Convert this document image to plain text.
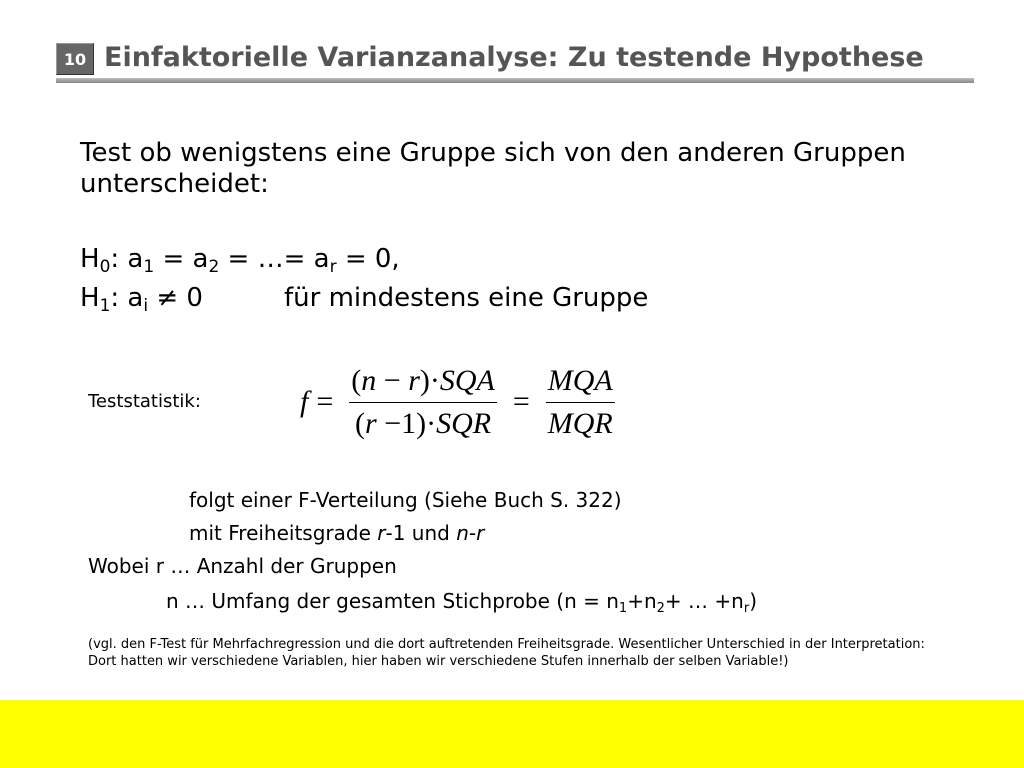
10 Einfaktorielle Varianzanalyse: Zu testende Hypothese
Test ob wenigstens eine Gruppe sich von den anderen Gruppen unterscheidet:
$H_0$: $a_1 = a_2$ = …= $a_r = 0$,
$H_1$: $a_i \ne 0$	für mindestens eine Gruppe
Teststatistik:	$f = \frac{\text{(n − r)·SQA}}{\text{(r −1)·SQR}} = \frac{\text{MQA}}{\text{MQR}}$
folgt einer F-Verteilung (Siehe Buch S. 322)
mit Freiheitsgrade r-1 und n-r
Wobei r … Anzahl der Gruppen
n … Umfang der gesamten Stichprobe ($n = n_1+n_2+$ … $+n_r$)
(vgl. den F-Test für Mehrfachregression und die dort auftretenden Freiheitsgrade. Wesentlicher Unterschied in der Interpretation: Dort hatten wir verschiedene Variablen, hier haben wir verschiedene Stufen innerhalb der selben Variable!)
